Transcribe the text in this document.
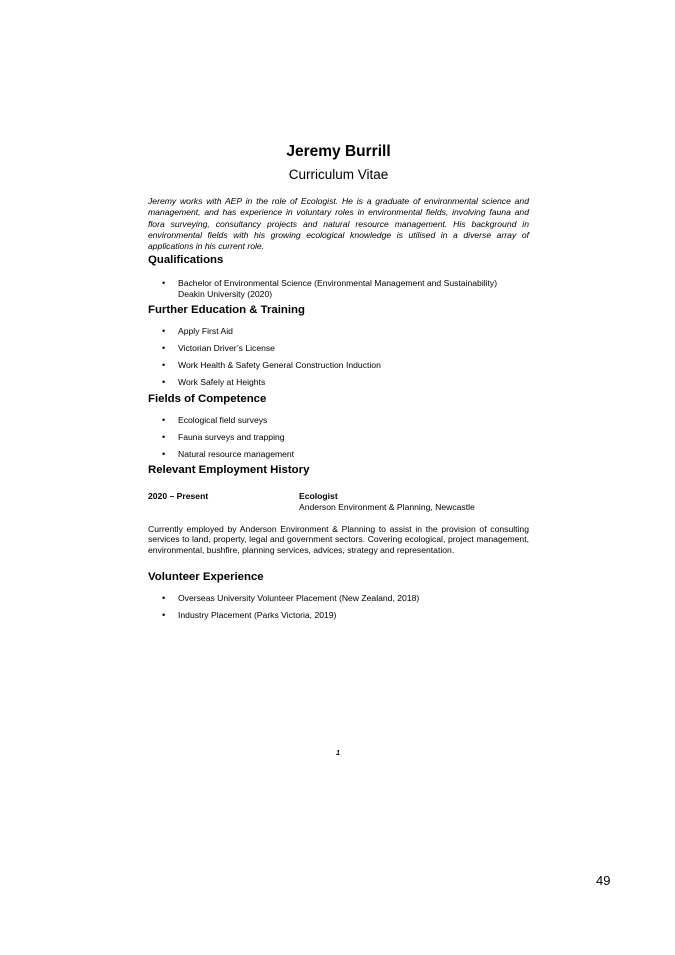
Jeremy Burrill

Curriculum Vitae

Jeremy works with AEP in the role of Ecologist. He is a graduate of environmental science and management, and has experience in voluntary roles in environmental fields, involving fauna and flora surveying, consultancy projects and natural resource management. His background in environmental fields with his growing ecological knowledge is utilised in a diverse array of applications in his current role.

Qualifications
• Bachelor of Environmental Science (Environmental Management and Sustainability)
Deakin University (2020)
Further Education & Training
• Apply First Aid
• Victorian Driver’s License
• Work Health & Safety General Construction Induction
• Work Safely at Heights
Fields of Competence
• Ecological field surveys
• Fauna surveys and trapping
• Natural resource management
Relevant Employment History

2020 – Present	Ecologist

Anderson Environment & Planning, Newcastle

Currently employed by Anderson Environment & Planning to assist in the provision of consulting services to land, property, legal and government sectors. Covering ecological, project management, environmental, bushfire, planning services, advices, strategy and representation.

Volunteer Experience
• Overseas University Volunteer Placement (New Zealand, 2018)
• Industry Placement (Parks Victoria, 2019)

1

49
